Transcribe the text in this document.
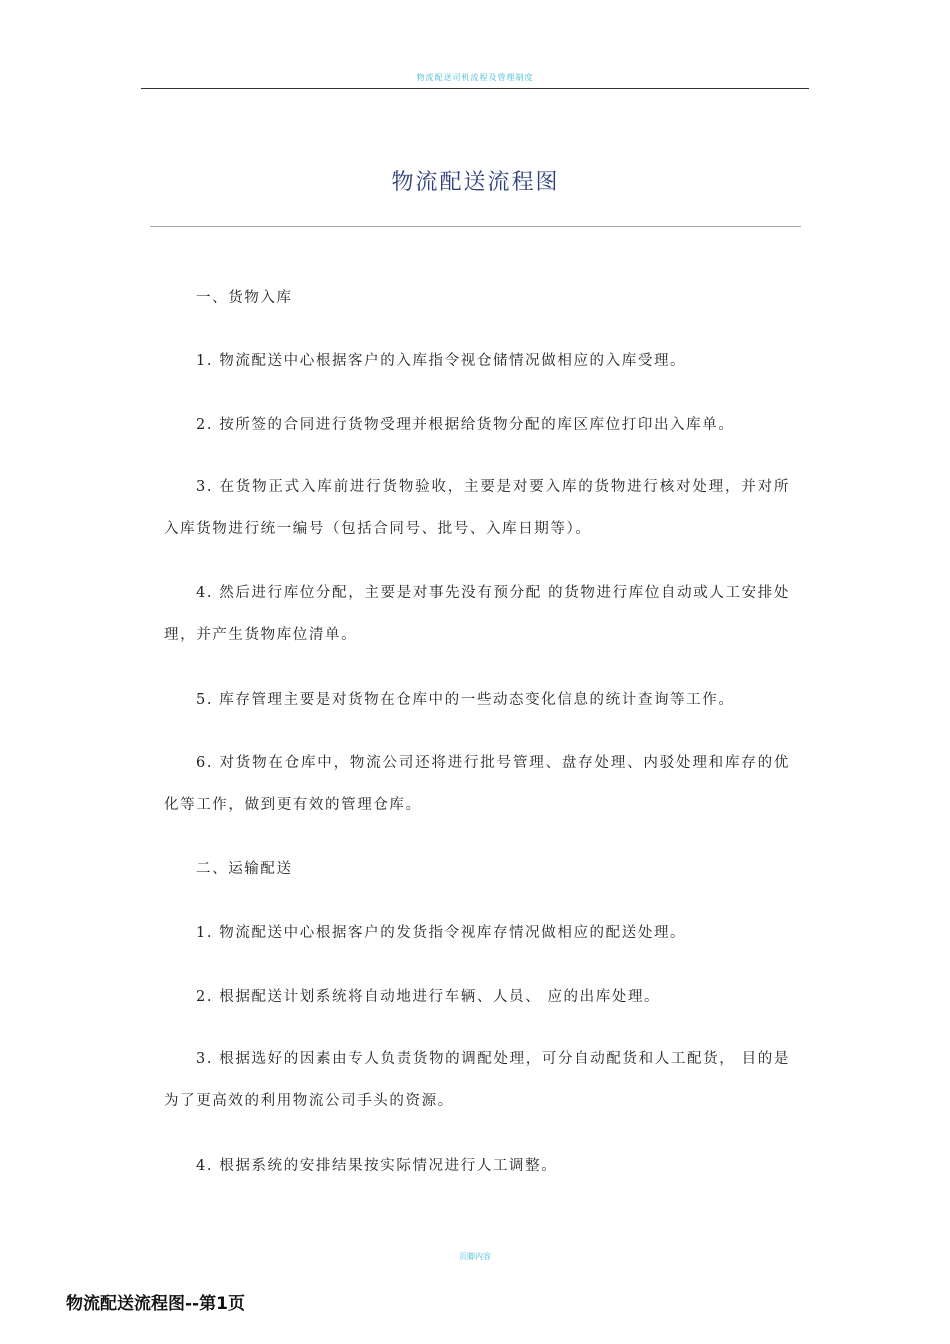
物流配送司机流程及管理制度
物流配送流程图
一、货物入库
1. 物流配送中心根据客户的入库指令视仓储情况做相应的入库受理。
2. 按所签的合同进行货物受理并根据给货物分配的库区库位打印出入库单。
3. 在货物正式入库前进行货物验收，主要是对要入库的货物进行核对处理，并对所入库货物进行统一编号（包括合同号、批号、入库日期等）。
4. 然后进行库位分配，主要是对事先没有预分配 的货物进行库位自动或人工安排处理，并产生货物库位清单。
5. 库存管理主要是对货物在仓库中的一些动态变化信息的统计查询等工作。
6. 对货物在仓库中，物流公司还将进行批号管理、盘存处理、内驳处理和库存的优化等工作，做到更有效的管理仓库。
二、运输配送
1. 物流配送中心根据客户的发货指令视库存情况做相应的配送处理。
2. 根据配送计划系统将自动地进行车辆、人员、 应的出库处理。
3. 根据选好的因素由专人负责货物的调配处理，可分自动配货和人工配货， 目的是为了更高效的利用物流公司手头的资源。
4. 根据系统的安排结果按实际情况进行人工调整。
页脚内容
物流配送流程图--第1页
